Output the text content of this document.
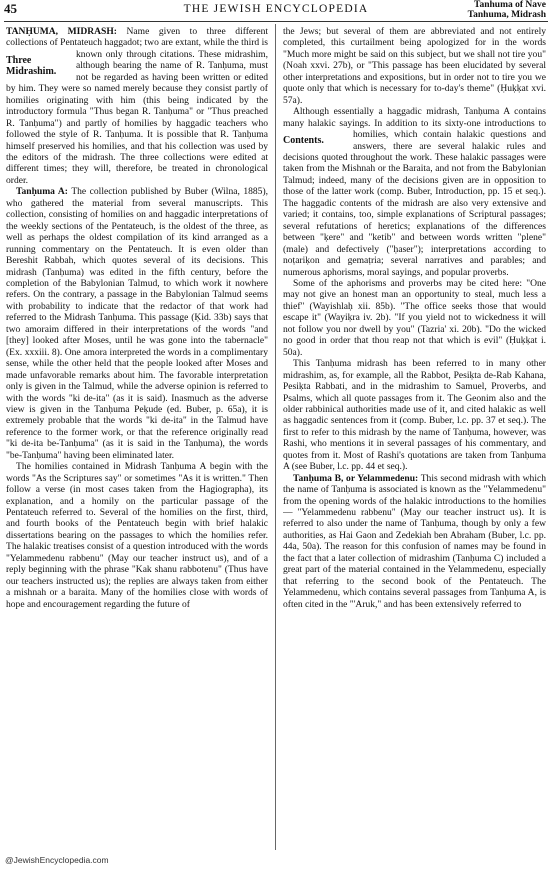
45	THE JEWISH ENCYCLOPEDIA	Tanhuma of Nave
Tanhuma, Midrash

TANḤUMA, MIDRASH: Name given to three different collections of Pentateuch haggadot; two are extant, while the third is known only
Three Midrashim.
through citations. These midrashim, although bearing the name of R. Tanḥuma, must not be regarded as having been written or edited by him. They were so named merely because they consist partly of homilies originating with him (this being indicated by the introductory formula "Thus began R. Tanḥuma" or "Thus preached R. Tanḥuma") and partly of homilies by haggadic teachers who followed the style of R. Tanḥuma. It is possible that R. Tanḥuma himself preserved his homilies, and that his collection was used by the editors of the midrash. The three collections were edited at different times; they will, therefore, be treated in chronological order.

Tanḥuma A: The collection published by Buber (Wilna, 1885), who gathered the material from several manuscripts. This collection, consisting of homilies on and haggadic interpretations of the weekly sections of the Pentateuch, is the oldest of the three, as well as perhaps the oldest compilation of its kind arranged as a running commentary on the Pentateuch. It is even older than Bereshit Rabbah, which quotes several of its decisions. This midrash (Tanḥuma) was edited in the fifth century, before the completion of the Babylonian Talmud, to which work it nowhere refers. On the contrary, a passage in the Babylonian Talmud seems with probability to indicate that the redactor of that work had referred to the Midrash Tanḥuma. This passage (Ḳid. 33b) says that two amoraim differed in their interpretations of the words "and [they] looked after Moses, until he was gone into the tabernacle" (Ex. xxxiii. 8). One amora interpreted the words in a complimentary sense, while the other held that the people looked after Moses and made unfavorable remarks about him. The favorable interpretation only is given in the Talmud, while the adverse opinion is referred to with the words "ki de-ita" (as it is said). Inasmuch as the adverse view is given in the Tanḥuma Peḳude (ed. Buber, p. 65a), it is extremely probable that the words "ki de-ita" in the Talmud have reference to the former work, or that the reference originally read "ki de-ita be-Tanḥuma" (as it is said in the Tanḥuma), the words "be-Tanḥuma" having been eliminated later.

The homilies contained in Midrash Tanḥuma A begin with the words "As the Scriptures say" or sometimes "As it is written." Then follow a verse (in most cases taken from the Hagiographa), its explanation, and a homily on the particular passage of the Pentateuch referred to. Several of the homilies on the first, third, and fourth books of the Pentateuch begin with brief halakic dissertations bearing on the passages to which the homilies refer. The halakic treatises consist of a question introduced with the words "Yelammedenu rabbenu" (May our teacher instruct us), and of a reply beginning with the phrase "Kak shanu rabbotenu" (Thus have our teachers instructed us); the replies are always taken from either a mishnah or a baraita. Many of the homilies close with words of hope and encouragement regarding the future of

the Jews; but several of them are abbreviated and not entirely completed, this curtailment being apologized for in the words "Much more might be said on this subject, but we shall not tire you" (Noah xxvi. 27b), or "This passage has been elucidated by several other interpretations and expositions, but in order not to tire you we quote only that which is necessary for to-day's theme" (Ḥuḳḳat xvi. 57a).

Although essentially a haggadic midrash, Tanḥuma A contains many halakic sayings. In addition to its sixty-one introductions to
Contents.
homilies, which contain halakic questions and answers, there are several halakic rules and decisions quoted throughout the work. These halakic passages were taken from the Mishnah or the Baraita, and not from the Babylonian Talmud; indeed, many of the decisions given are in opposition to those of the latter work (comp. Buber, Introduction, pp. 15 et seq.). The haggadic contents of the midrash are also very extensive and varied; it contains, too, simple explanations of Scriptural passages; several refutations of heretics; explanations of the differences between "ḳere" and "ketib" and between words written "plene" (male) and defectively ("ḥaser"); interpretations according to noṭariḳon and gemaṭria; several narratives and parables; and numerous aphorisms, moral sayings, and popular proverbs.

Some of the aphorisms and proverbs may be cited here: "One may not give an honest man an opportunity to steal, much less a thief" (Wayishlaḥ xii. 85b). "The office seeks those that would escape it" (Wayiḳra iv. 2b). "If you yield not to wickedness it will not follow you nor dwell by you" (Tazria' xi. 20b). "Do the wicked no good in order that thou reap not that which is evil" (Ḥuḳḳat i. 50a).

This Tanḥuma midrash has been referred to in many other midrashim, as, for example, all the Rabbot, Pesiḳta de-Rab Kahana, Pesiḳta Rabbati, and in the midrashim to Samuel, Proverbs, and Psalms, which all quote passages from it. The Geonim also and the older rabbinical authorities made use of it, and cited halakic as well as haggadic sentences from it (comp. Buber, l.c. pp. 37 et seq.). The first to refer to this midrash by the name of Tanḥuma, however, was Rashi, who mentions it in several passages of his commentary, and quotes from it. Most of Rashi's quotations are taken from Tanḥuma A (see Buber, l.c. pp. 44 et seq.).

Tanḥuma B, or Yelammedenu: This second midrash with which the name of Tanḥuma is associated is known as the "Yelammedenu" from the opening words of the halakic introductions to the homilies — "Yelammedenu rabbenu" (May our teacher instruct us). It is referred to also under the name of Tanḥuma, though by only a few authorities, as Hai Gaon and Zedekiah ben Abraham (Buber, l.c. pp. 44a, 50a). The reason for this confusion of names may be found in the fact that a later collection of midrashim (Tanḥuma C) included a great part of the material contained in the Yelammedenu, especially that referring to the second book of the Pentateuch. The Yelammedenu, which contains several passages from Tanḥuma A, is often cited in the "'Aruk," and has been extensively referred to

@JewishEncyclopedia.com
